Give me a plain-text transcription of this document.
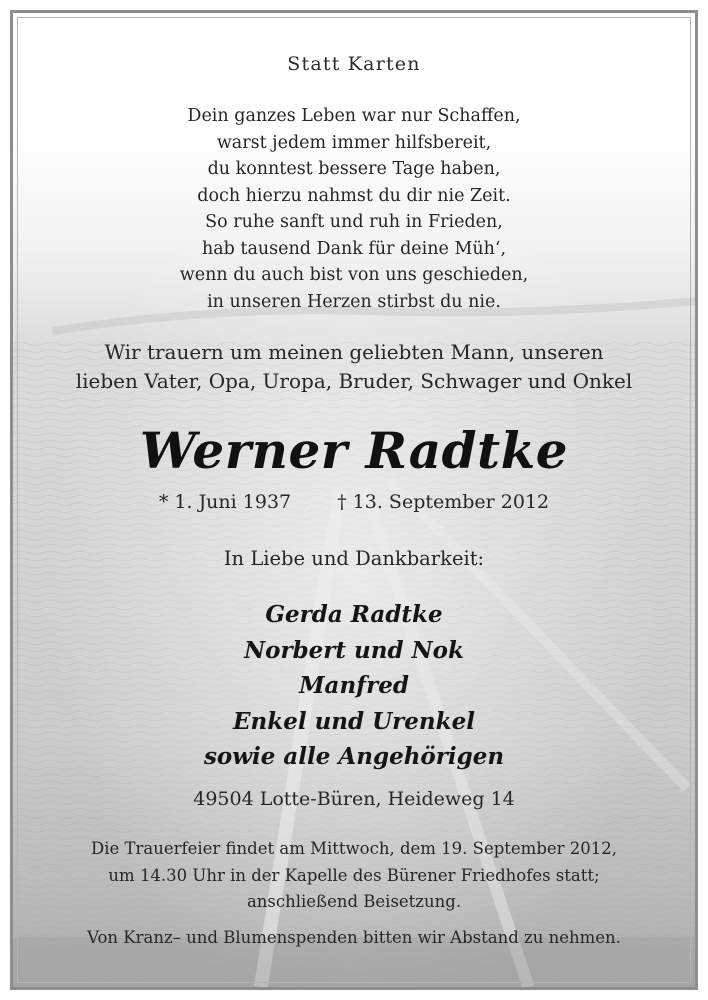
Statt Karten
Dein ganzes Leben war nur Schaffen,
warst jedem immer hilfsbereit,
du konntest bessere Tage haben,
doch hierzu nahmst du dir nie Zeit.
So ruhe sanft und ruh in Frieden,
hab tausend Dank für deine Müh‘,
wenn du auch bist von uns geschieden,
in unseren Herzen stirbst du nie.
Wir trauern um meinen geliebten Mann, unseren
lieben Vater, Opa, Uropa, Bruder, Schwager und Onkel
Werner Radtke
* 1. Juni 1937 † 13. September 2012
In Liebe und Dankbarkeit:
Gerda Radtke
Norbert und Nok
Manfred
Enkel und Urenkel
sowie alle Angehörigen
49504 Lotte-Büren, Heideweg 14
Die Trauerfeier findet am Mittwoch, dem 19. September 2012,
um 14.30 Uhr in der Kapelle des Bürener Friedhofes statt;
anschließend Beisetzung.
Von Kranz– und Blumenspenden bitten wir Abstand zu nehmen.
